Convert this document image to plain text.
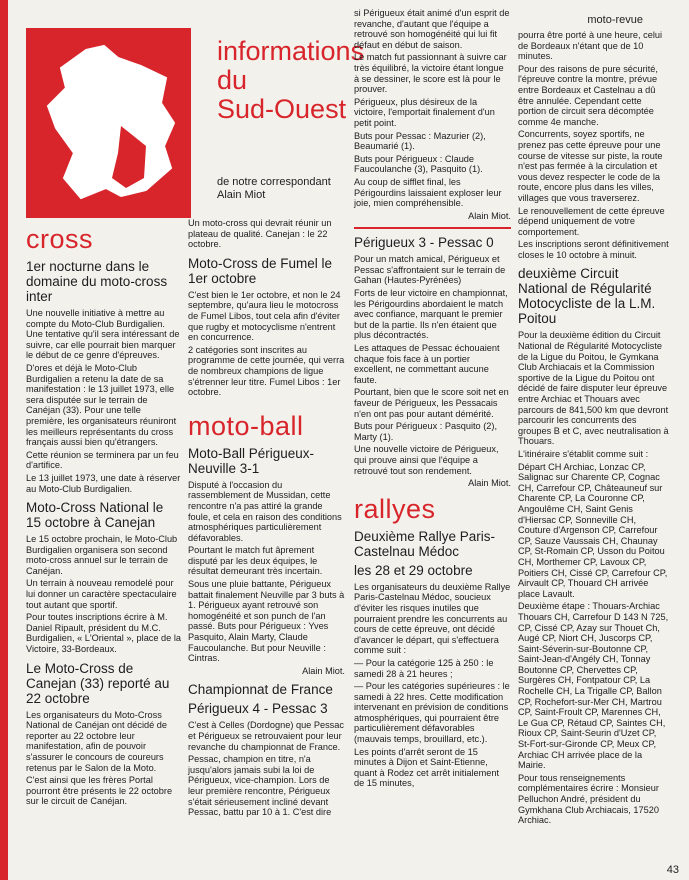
moto-revue
informations
du
Sud-Ouest
de notre correspondant
Alain Miot
cross
1er nocturne dans le domaine du moto-cross inter

Une nouvelle initiative à mettre au compte du Moto-Club Burdigalien. Une tentative qu'il sera intéressant de suivre, car elle pourrait bien marquer le début de ce genre d'épreuves.

D'ores et déjà le Moto-Club Burdigalien a retenu la date de sa manifestation : le 13 juillet 1973, elle sera disputée sur le terrain de Canéjan (33). Pour une telle première, les organisateurs réuniront les meilleurs représentants du cross français aussi bien qu'étrangers.

Cette réunion se terminera par un feu d'artifice.

Le 13 juillet 1973, une date à réserver au Moto-Club Burdigalien.

Moto-Cross National le 15 octobre à Canejan

Le 15 octobre prochain, le Moto-Club Burdigalien organisera son second moto-cross annuel sur le terrain de Canéjan.

Un terrain à nouveau remodelé pour lui donner un caractère spectaculaire tout autant que sportif.

Pour toutes inscriptions écrire à M. Daniel Ripault, président du M.C. Burdigalien, « L'Oriental », place de la Victoire, 33-Bordeaux.

Le Moto-Cross de Canejan (33) reporté au 22 octobre

Les organisateurs du Moto-Cross National de Canéjan ont décidé de reporter au 22 octobre leur manifestation, afin de pouvoir s'assurer le concours de coureurs retenus par le Salon de la Moto.

C'est ainsi que les frères Portal pourront être présents le 22 octobre sur le circuit de Canéjan.

Un moto-cross qui devrait réunir un plateau de qualité. Canejan : le 22 octobre.

Moto-Cross de Fumel le 1er octobre

C'est bien le 1er octobre, et non le 24 septembre, qu'aura lieu le motocross de Fumel Libos, tout cela afin d'éviter que rugby et motocyclisme n'entrent en concurrence.

2 catégories sont inscrites au programme de cette journée, qui verra de nombreux champions de ligue s'étrenner leur titre. Fumel Libos : 1er octobre.

moto-ball
Moto-Ball Périgueux-Neuville 3-1

Disputé à l'occasion du rassemblement de Mussidan, cette rencontre n'a pas attiré la grande foule, et cela en raison des conditions atmosphériques particulièrement défavorables.

Pourtant le match fut âprement disputé par les deux équipes, le résultat demeurant très incertain.

Sous une pluie battante, Périgueux battait finalement Neuville par 3 buts à 1. Périgueux ayant retrouvé son homogénéité et son punch de l'an passé. Buts pour Périgueux : Yves Pasquito, Alain Marty, Claude Faucoulanche. But pour Neuville : Cintras.

Alain Miot.
Championnat de France
Périgueux 4 - Pessac 3

C'est à Celles (Dordogne) que Pessac et Périgueux se retrouvaient pour leur revanche du championnat de France.

Pessac, champion en titre, n'a jusqu'alors jamais subi la loi de Périgueux, vice-champion. Lors de leur première rencontre, Périgueux s'était sérieusement incliné devant Pessac, battu par 10 à 1. C'est dire

si Périgueux était animé d'un esprit de revanche, d'autant que l'équipe a retrouvé son homogénéité qui lui fit défaut en début de saison.

Le match fut passionnant à suivre car très équilibré, la victoire étant longue à se dessiner, le score est là pour le prouver.

Périgueux, plus désireux de la victoire, l'emportait finalement d'un petit point.

Buts pour Pessac : Mazurier (2), Beaumarié (1).

Buts pour Périgueux : Claude Faucoulanche (3), Pasquito (1).

Au coup de sifflet final, les Périgourdins laissaient exploser leur joie, mien compréhensible.

Alain Miot.
Périgueux 3 - Pessac 0

Pour un match amical, Périgueux et Pessac s'affrontaient sur le terrain de Gahan (Hautes-Pyrénées)

Forts de leur victoire en championnat, les Périgourdins abordaient le match avec confiance, marquant le premier but de la partie. Ils n'en étaient que plus décontractés.

Les attaques de Pessac échouaient chaque fois face à un portier excellent, ne commettant aucune faute.

Pourtant, bien que le score soit net en faveur de Périgueux, les Pessacais n'en ont pas pour autant démérité.

Buts pour Périgueux : Pasquito (2), Marty (1).

Une nouvelle victoire de Périgueux, qui prouve ainsi que l'équipe a retrouvé tout son rendement.

Alain Miot.
rallyes
Deuxième Rallye Paris-Castelnau Médoc
les 28 et 29 octobre

Les organisateurs du deuxième Rallye Paris-Castelnau Médoc, soucieux d'éviter les risques inutiles que pourraient prendre les concurrents au cours de cette épreuve, ont décidé d'avancer le départ, qui s'effectuera comme suit :

— Pour la catégorie 125 à 250 : le samedi 28 à 21 heures ;

— Pour les catégories supérieures : le samedi à 22 hres. Cette modification intervenant en prévision de conditions atmosphériques, qui pourraient être particulièrement défavorables (mauvais temps, brouillard, etc.).

Les points d'arrêt seront de 15 minutes à Dijon et Saint-Etienne, quant à Rodez cet arrêt initialement de 15 minutes,

pourra être porté à une heure, celui de Bordeaux n'étant que de 10 minutes.

Pour des raisons de pure sécurité, l'épreuve contre la montre, prévue entre Bordeaux et Castelnau a dû être annulée. Cependant cette portion de circuit sera décomptée comme 4e manche.

Concurrents, soyez sportifs, ne prenez pas cette épreuve pour une course de vitesse sur piste, la route n'est pas fermée à la circulation et vous devez respecter le code de la route, encore plus dans les villes, villages que vous traverserez.

Le renouvellement de cette épreuve dépend uniquement de votre comportement.

Les inscriptions seront définitivement closes le 10 octobre à minuit.

deuxième Circuit National de Régularité Motocycliste de la L.M. Poitou

Pour la deuxième édition du Circuit National de Régularité Motocycliste de la Ligue du Poitou, le Gymkana Club Archiacais et la Commission sportive de la Ligue du Poitou ont décidé de faire disputer leur épreuve entre Archiac et Thouars avec parcours de 841,500 km que devront parcourir les concurrents des groupes B et C, avec neutralisation à Thouars.

L'itinéraire s'établit comme suit :

Départ CH Archiac, Lonzac CP, Salignac sur Charente CP, Cognac CH, Carrefour CP, Châteauneuf sur Charente CP, La Couronne CP, Angoulême CH, Saint Genis d'Hiersac CP, Sonneville CH, Couture d'Argenson CP, Carrefour CP, Sauze Vaussais CH, Chaunay CP, St-Romain CP, Usson du Poitou CH, Morthemer CP, Lavoux CP, Poitiers CH, Cissé CP, Carrefour CP, Airvault CP, Thouard CH arrivée place Lavault.

Deuxième étape : Thouars-Archiac Thouars CH, Carrefour D 143 N 725, CP, Cissé CP, Azay sur Thouet Ch, Augé CP, Niort CH, Juscorps CP, Saint-Séverin-sur-Boutonne CP, Saint-Jean-d'Angély CH, Tonnay Boutonne CP, Chervettes CP, Surgères CH, Fontpatour CP, La Rochelle CH, La Trigalle CP, Ballon CP, Rochefort-sur-Mer CH, Martrou CP, Saint-Froult CP, Marennes CH, Le Gua CP, Rétaud CP, Saintes CH, Rioux CP, Saint-Seurin d'Uzet CP, St-Fort-sur-Gironde CP, Meux CP, Archiac CH arrivée place de la Mairie.

Pour tous renseignements complémentaires écrire : Monsieur Pelluchon André, président du Gymkhana Club Archiacais, 17520 Archiac.

43
